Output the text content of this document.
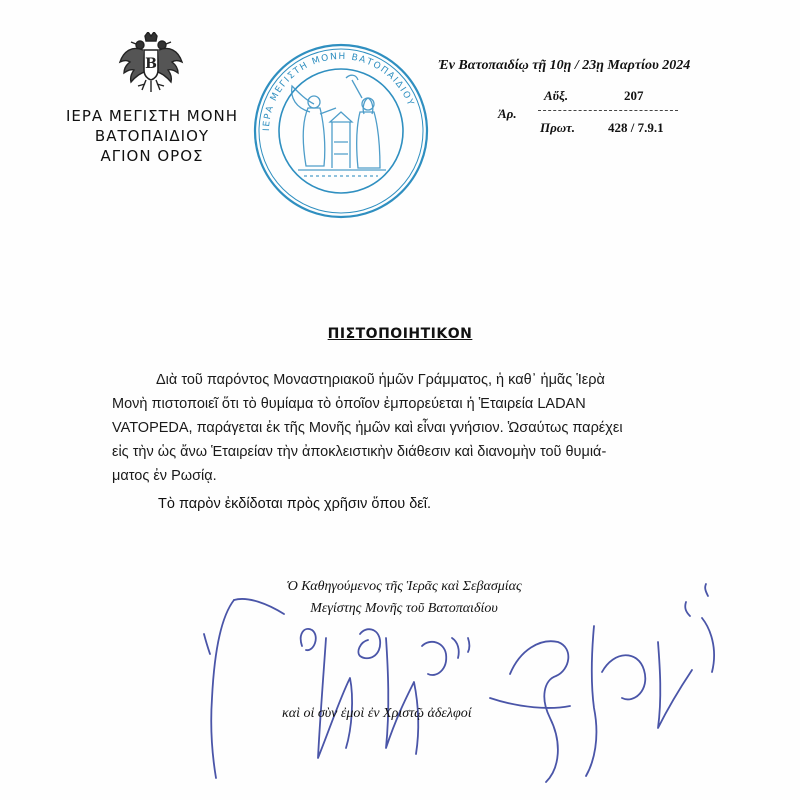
Β
ΙΕΡΑ ΜΕΓΙΣΤΗ ΜΟΝΗ
ΒΑΤΟΠΑΙΔΙΟΥ
ΑΓΙΟΝ ΟΡΟΣ
ΙΕΡΑ ΜΕΓΙΣΤΗ ΜΟΝΗ ΒΑΤΟΠΑΙΔΙΟΥ
Ἐν Βατοπαιδίῳ τῇ 10ῃ / 23ῃ Μαρτίου 2024
Αὔξ.	207
Ἀρ.
Πρωτ.	428 / 7.9.1
ΠΙΣΤΟΠΟΙΗΤΙΚΟΝ
Διὰ τοῦ παρόντος Μοναστηριακοῦ ἡμῶν Γράμματος, ἡ καθ᾽ ἡμᾶς Ἱερὰ
Μονὴ πιστοποιεῖ ὅτι τὸ θυμίαμα τὸ ὁποῖον ἐμπορεύεται ἡ Ἑταιρεία LADAN
VATOPEDA, παράγεται ἐκ τῆς Μονῆς ἡμῶν καὶ εἶναι γνήσιον. Ὡσαύτως παρέχει
εἰς τὴν ὡς ἄνω Ἑταιρείαν τὴν ἀποκλειστικὴν διάθεσιν καὶ διανομὴν τοῦ θυμιά-
ματος ἐν Ρωσίᾳ.
Τὸ παρὸν ἐκδίδοται πρὸς χρῆσιν ὅπου δεῖ.
Ὁ Καθηγούμενος τῆς Ἱερᾶς καὶ Σεβασμίας
Μεγίστης Μονῆς τοῦ Βατοπαιδίου
καὶ οἱ σὺν ἐμοὶ ἐν Χριστῷ ἀδελφοί
